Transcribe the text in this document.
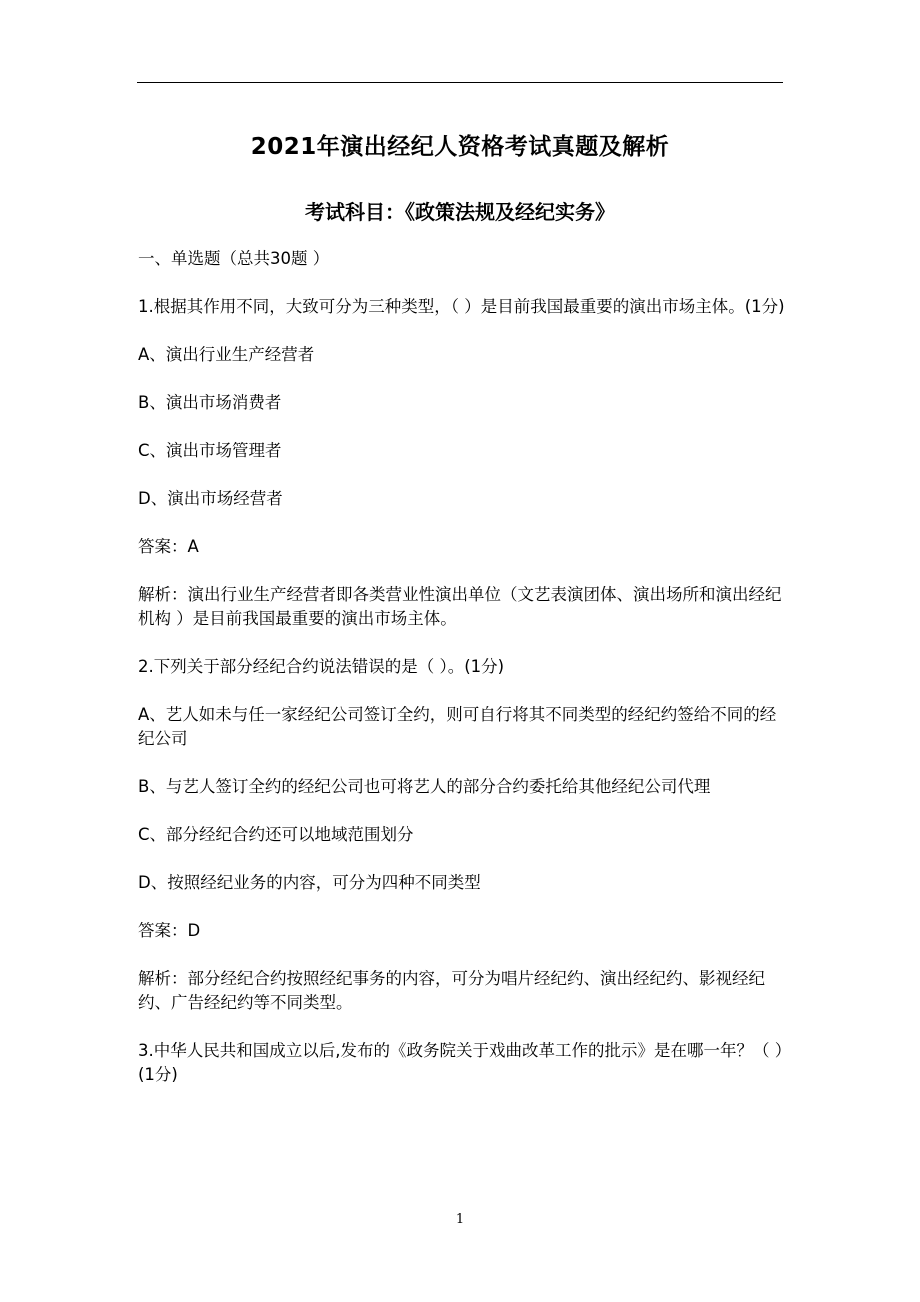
2021年演出经纪人资格考试真题及解析
考试科目：《政策法规及经纪实务》

一、单选题（总共30题 ）

1.根据其作用不同，大致可分为三种类型，（ ）是目前我国最重要的演出市场主体。(1分)

A、演出行业生产经营者

B、演出市场消费者

C、演出市场管理者

D、演出市场经营者

答案：A

解析：演出行业生产经营者即各类营业性演出单位（文艺表演团体、演出场所和演出经纪机构 ）是目前我国最重要的演出市场主体。

2.下列关于部分经纪合约说法错误的是（ ）。(1分)

A、艺人如未与任一家经纪公司签订全约，则可自行将其不同类型的经纪约签给不同的经纪公司

B、与艺人签订全约的经纪公司也可将艺人的部分合约委托给其他经纪公司代理

C、部分经纪合约还可以地域范围划分

D、按照经纪业务的内容，可分为四种不同类型

答案：D

解析：部分经纪合约按照经纪事务的内容，可分为唱片经纪约、演出经纪约、影视经纪约、广告经纪约等不同类型。

3.中华人民共和国成立以后,发布的《政务院关于戏曲改革工作的批示》是在哪一年？（ ）(1分)

1
